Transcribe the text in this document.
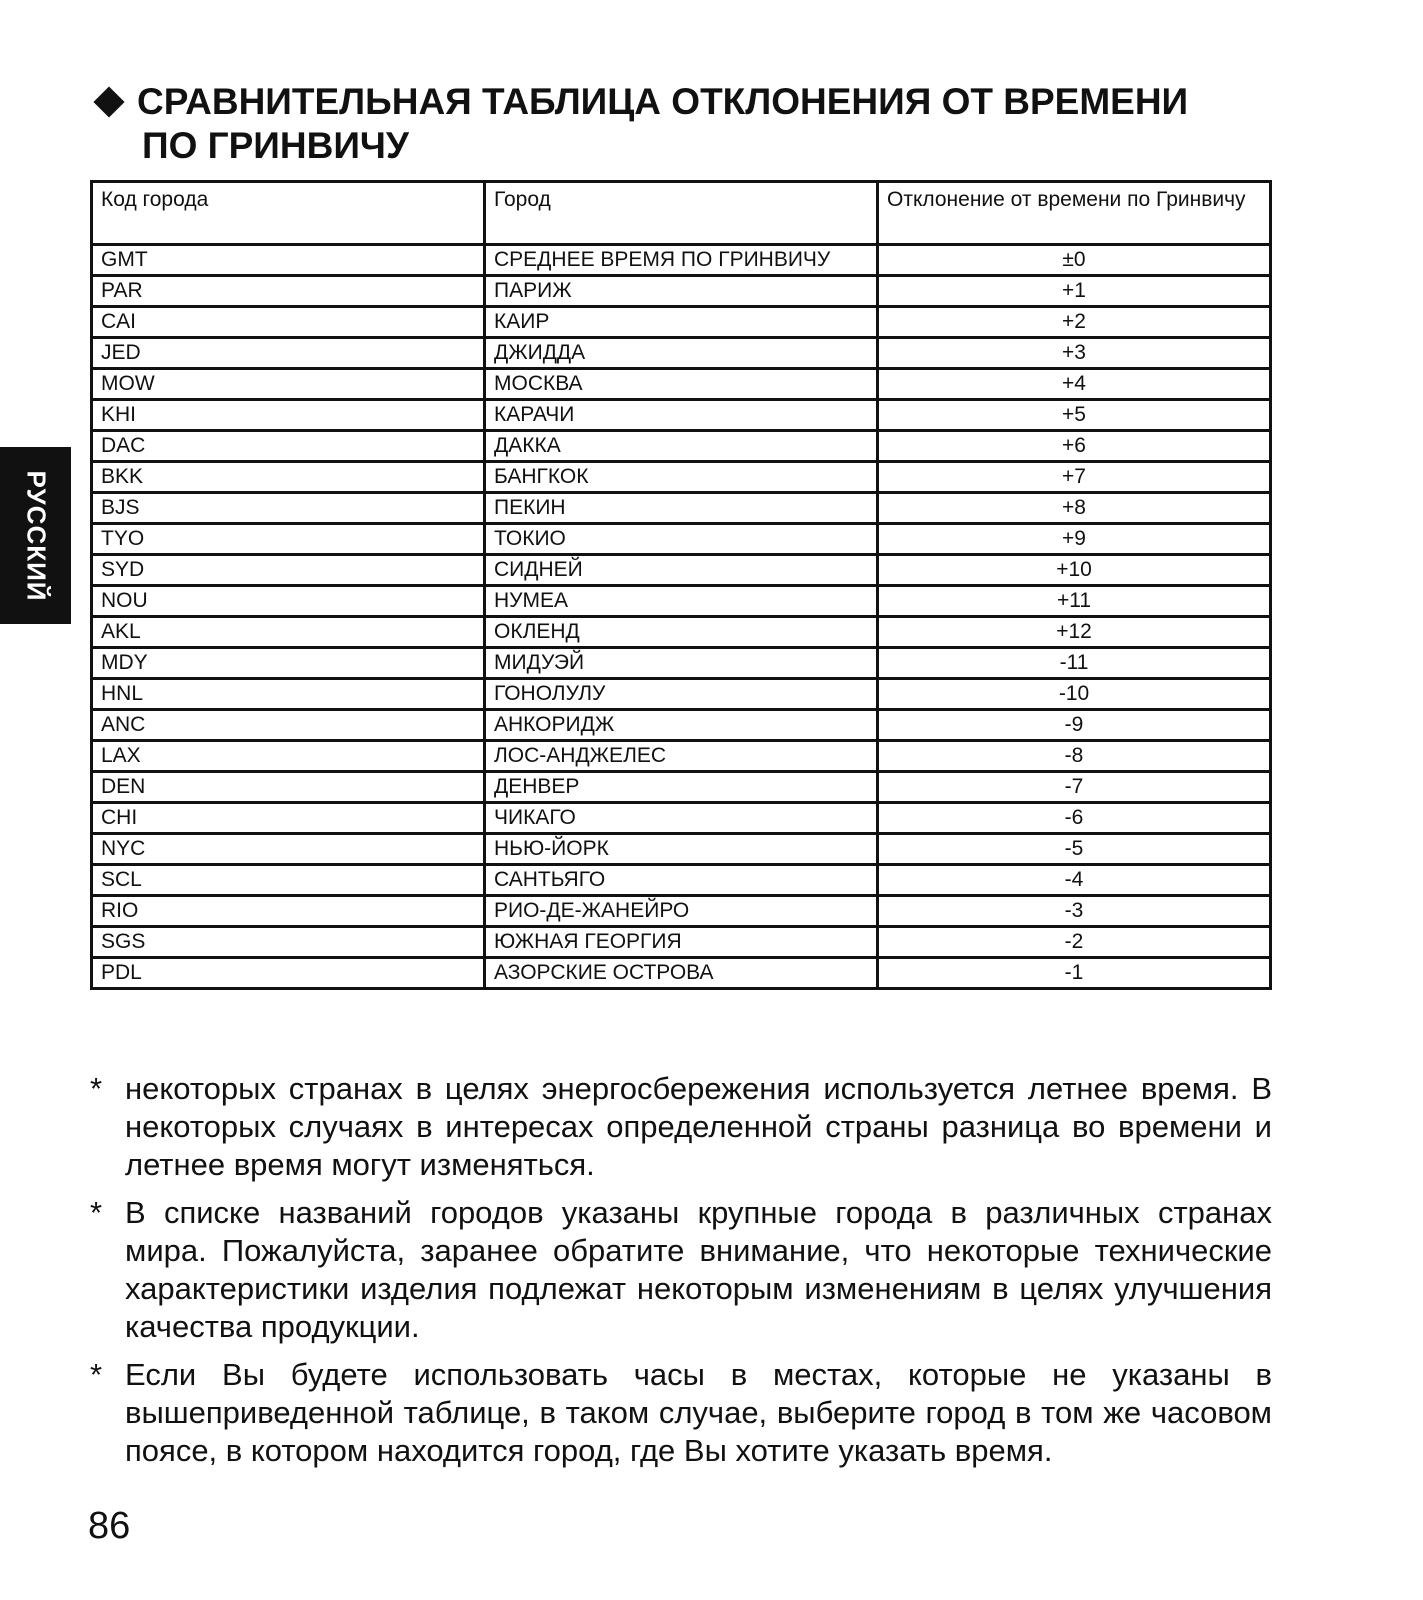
СРАВНИТЕЛЬНАЯ ТАБЛИЦА ОТКЛОНЕНИЯ ОТ ВРЕМЕНИ
ПО ГРИНВИЧУ
РУССКИЙ
Код города	Город	Отклонение от времени по Гринвичу
GMT	СРЕДНЕЕ ВРЕМЯ ПО ГРИНВИЧУ	±0
PAR	ПАРИЖ	+1
CAI	КАИР	+2
JED	ДЖИДДА	+3
MOW	МОСКВА	+4
KHI	КАРАЧИ	+5
DAC	ДАККА	+6
BKK	БАНГКОК	+7
BJS	ПЕКИН	+8
TYO	ТОКИО	+9
SYD	СИДНЕЙ	+10
NOU	НУМЕА	+11
AKL	ОКЛЕНД	+12
MDY	МИДУЭЙ	-11
HNL	ГОНОЛУЛУ	-10
ANC	АНКОРИДЖ	-9
LAX	ЛОС-АНДЖЕЛЕС	-8
DEN	ДЕНВЕР	-7
CHI	ЧИКАГО	-6
NYC	НЬЮ-ЙОРК	-5
SCL	САНТЬЯГО	-4
RIO	РИО-ДЕ-ЖАНЕЙРО	-3
SGS	ЮЖНАЯ ГЕОРГИЯ	-2
PDL	АЗОРСКИЕ ОСТРОВА	-1
* некоторых странах в целях энергосбережения используется летнее время. В некоторых случаях в интересах определенной страны разница во времени и летнее время могут изменяться.
* В списке названий городов указаны крупные города в различных странах мира. Пожалуйста, заранее обратите внимание, что некоторые технические характеристики изделия подлежат некоторым изменениям в целях улучшения качества продукции.
* Если Вы будете использовать часы в местах, которые не указаны в вышеприведенной таблице, в таком случае, выберите город в том же часовом поясе, в котором находится город, где Вы хотите указать время.
86
